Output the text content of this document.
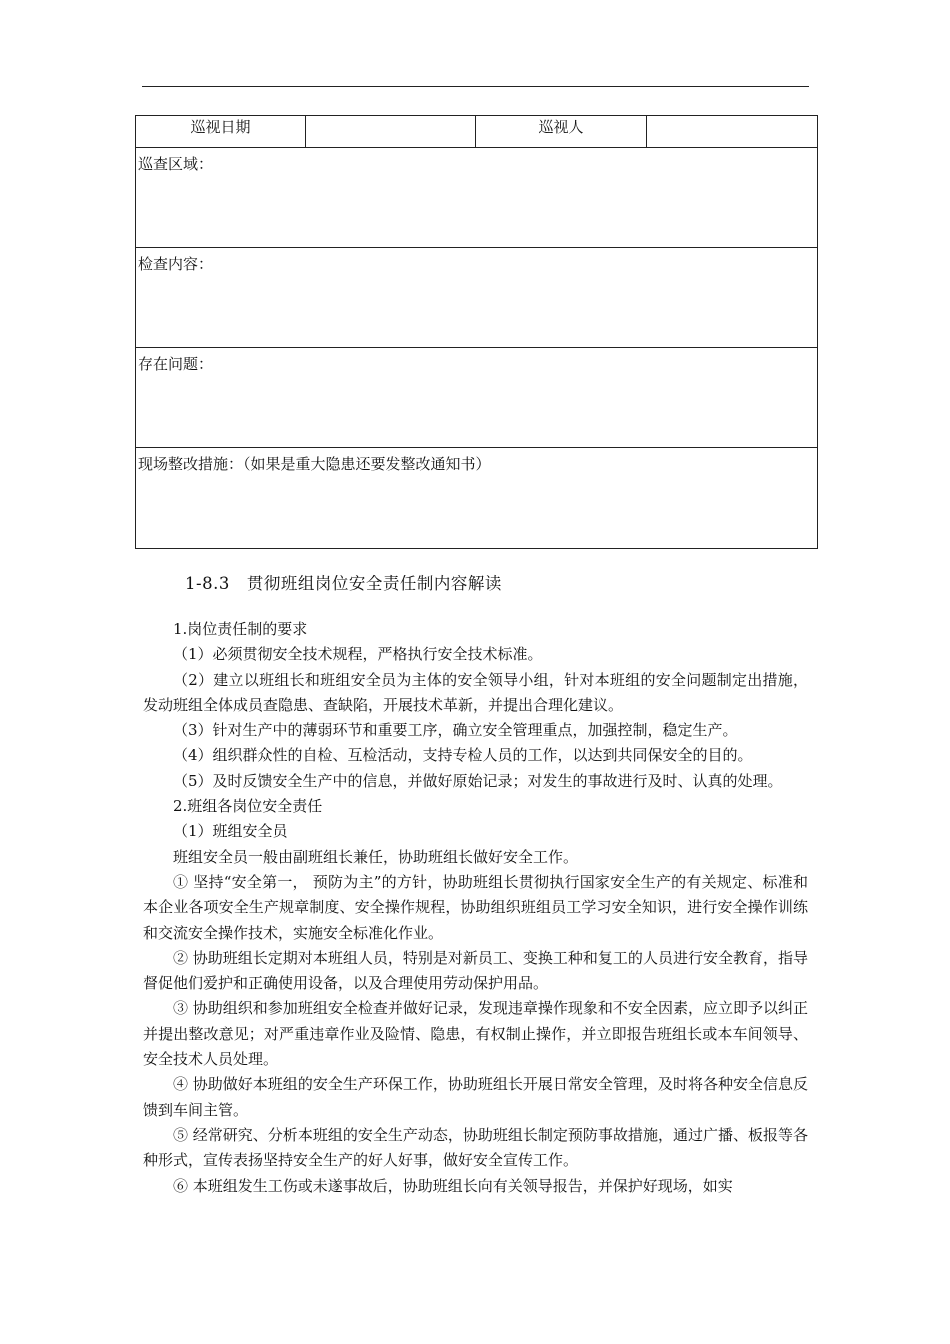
巡视日期		巡视人	

巡查区域：

检查内容：

存在问题：

现场整改措施：（如果是重大隐患还要发整改通知书）
1-8.3　贯彻班组岗位安全责任制内容解读

1.岗位责任制的要求

（1）必须贯彻安全技术规程，严格执行安全技术标准。

（2）建立以班组长和班组安全员为主体的安全领导小组，针对本班组的安全问题制定出措施，发动班组全体成员查隐患、查缺陷，开展技术革新，并提出合理化建议。

（3）针对生产中的薄弱环节和重要工序，确立安全管理重点，加强控制，稳定生产。

（4）组织群众性的自检、互检活动，支持专检人员的工作，以达到共同保安全的目的。

（5）及时反馈安全生产中的信息，并做好原始记录；对发生的事故进行及时、认真的处理。

2.班组各岗位安全责任

（1）班组安全员

班组安全员一般由副班组长兼任，协助班组长做好安全工作。

① 坚持“安全第一， 预防为主”的方针，协助班组长贯彻执行国家安全生产的有关规定、标准和本企业各项安全生产规章制度、安全操作规程，协助组织班组员工学习安全知识，进行安全操作训练和交流安全操作技术，实施安全标准化作业。

② 协助班组长定期对本班组人员，特别是对新员工、变换工种和复工的人员进行安全教育，指导督促他们爱护和正确使用设备，以及合理使用劳动保护用品。

③ 协助组织和参加班组安全检查并做好记录，发现违章操作现象和不安全因素，应立即予以纠正并提出整改意见；对严重违章作业及险情、隐患，有权制止操作，并立即报告班组长或本车间领导、安全技术人员处理。

④ 协助做好本班组的安全生产环保工作，协助班组长开展日常安全管理，及时将各种安全信息反馈到车间主管。

⑤ 经常研究、分析本班组的安全生产动态，协助班组长制定预防事故措施，通过广播、板报等各种形式，宣传表扬坚持安全生产的好人好事，做好安全宣传工作。

⑥ 本班组发生工伤或未遂事故后，协助班组长向有关领导报告，并保护好现场，如实
